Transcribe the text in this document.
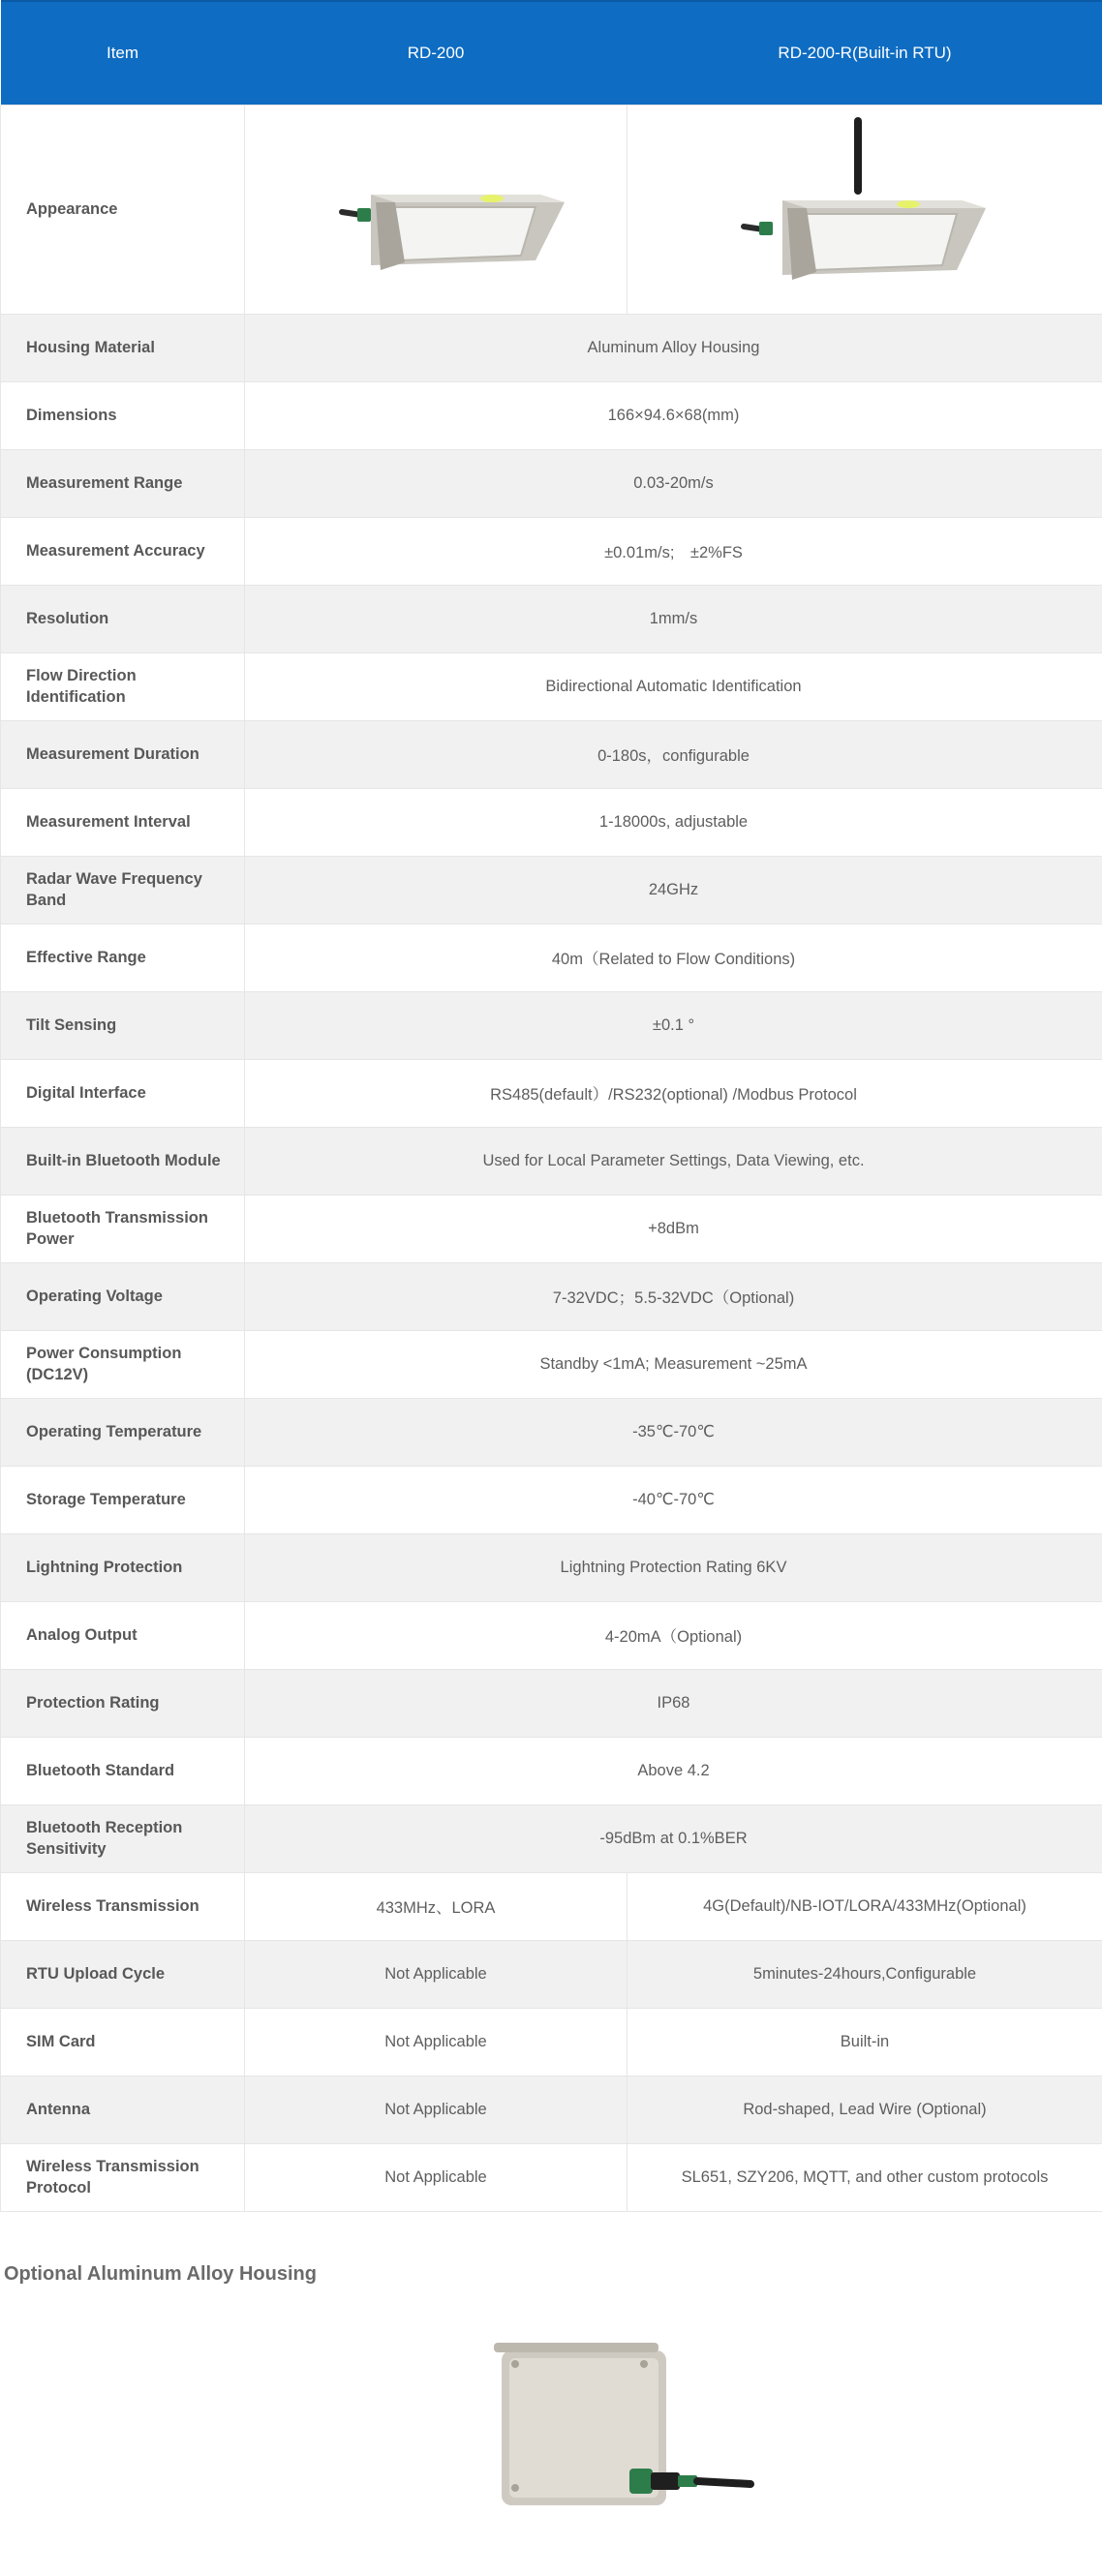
Item	RD-200	RD-200-R(Built-in RTU)
Appearance		
Housing Material	Aluminum Alloy Housing	
Dimensions	166×94.6×68(mm)	
Measurement Range	0.03-20m/s	
Measurement Accuracy	±0.01m/s;　±2%FS	
Resolution	1mm/s	
Flow Direction Identification	Bidirectional Automatic Identification	
Measurement Duration	0-180s，configurable	
Measurement Interval	1-18000s, adjustable	
Radar Wave Frequency Band	24GHz	
Effective Range	40m（Related to Flow Conditions)	
Tilt Sensing	±0.1 °	
Digital Interface	RS485(default）/RS232(optional) /Modbus Protocol	
Built-in Bluetooth Module	Used for Local Parameter Settings, Data Viewing, etc.	
Bluetooth Transmission Power	+8dBm	
Operating Voltage	7-32VDC；5.5-32VDC（Optional)	
Power Consumption (DC12V)	Standby <1mA; Measurement ~25mA	
Operating Temperature	-35℃-70℃	
Storage Temperature	-40℃-70℃	
Lightning Protection	Lightning Protection Rating 6KV	
Analog Output	4-20mA（Optional)	
Protection Rating	IP68	
Bluetooth Standard	Above 4.2	
Bluetooth Reception Sensitivity	-95dBm at 0.1%BER	
Wireless Transmission	433MHz、LORA	4G(Default)/NB-IOT/LORA/433MHz(Optional)
RTU Upload Cycle	Not Applicable	5minutes-24hours,Configurable
SIM Card	Not Applicable	Built-in
Antenna	Not Applicable	Rod-shaped, Lead Wire (Optional)
Wireless Transmission Protocol	Not Applicable	SL651, SZY206, MQTT, and other custom protocols
Optional Aluminum Alloy Housing
